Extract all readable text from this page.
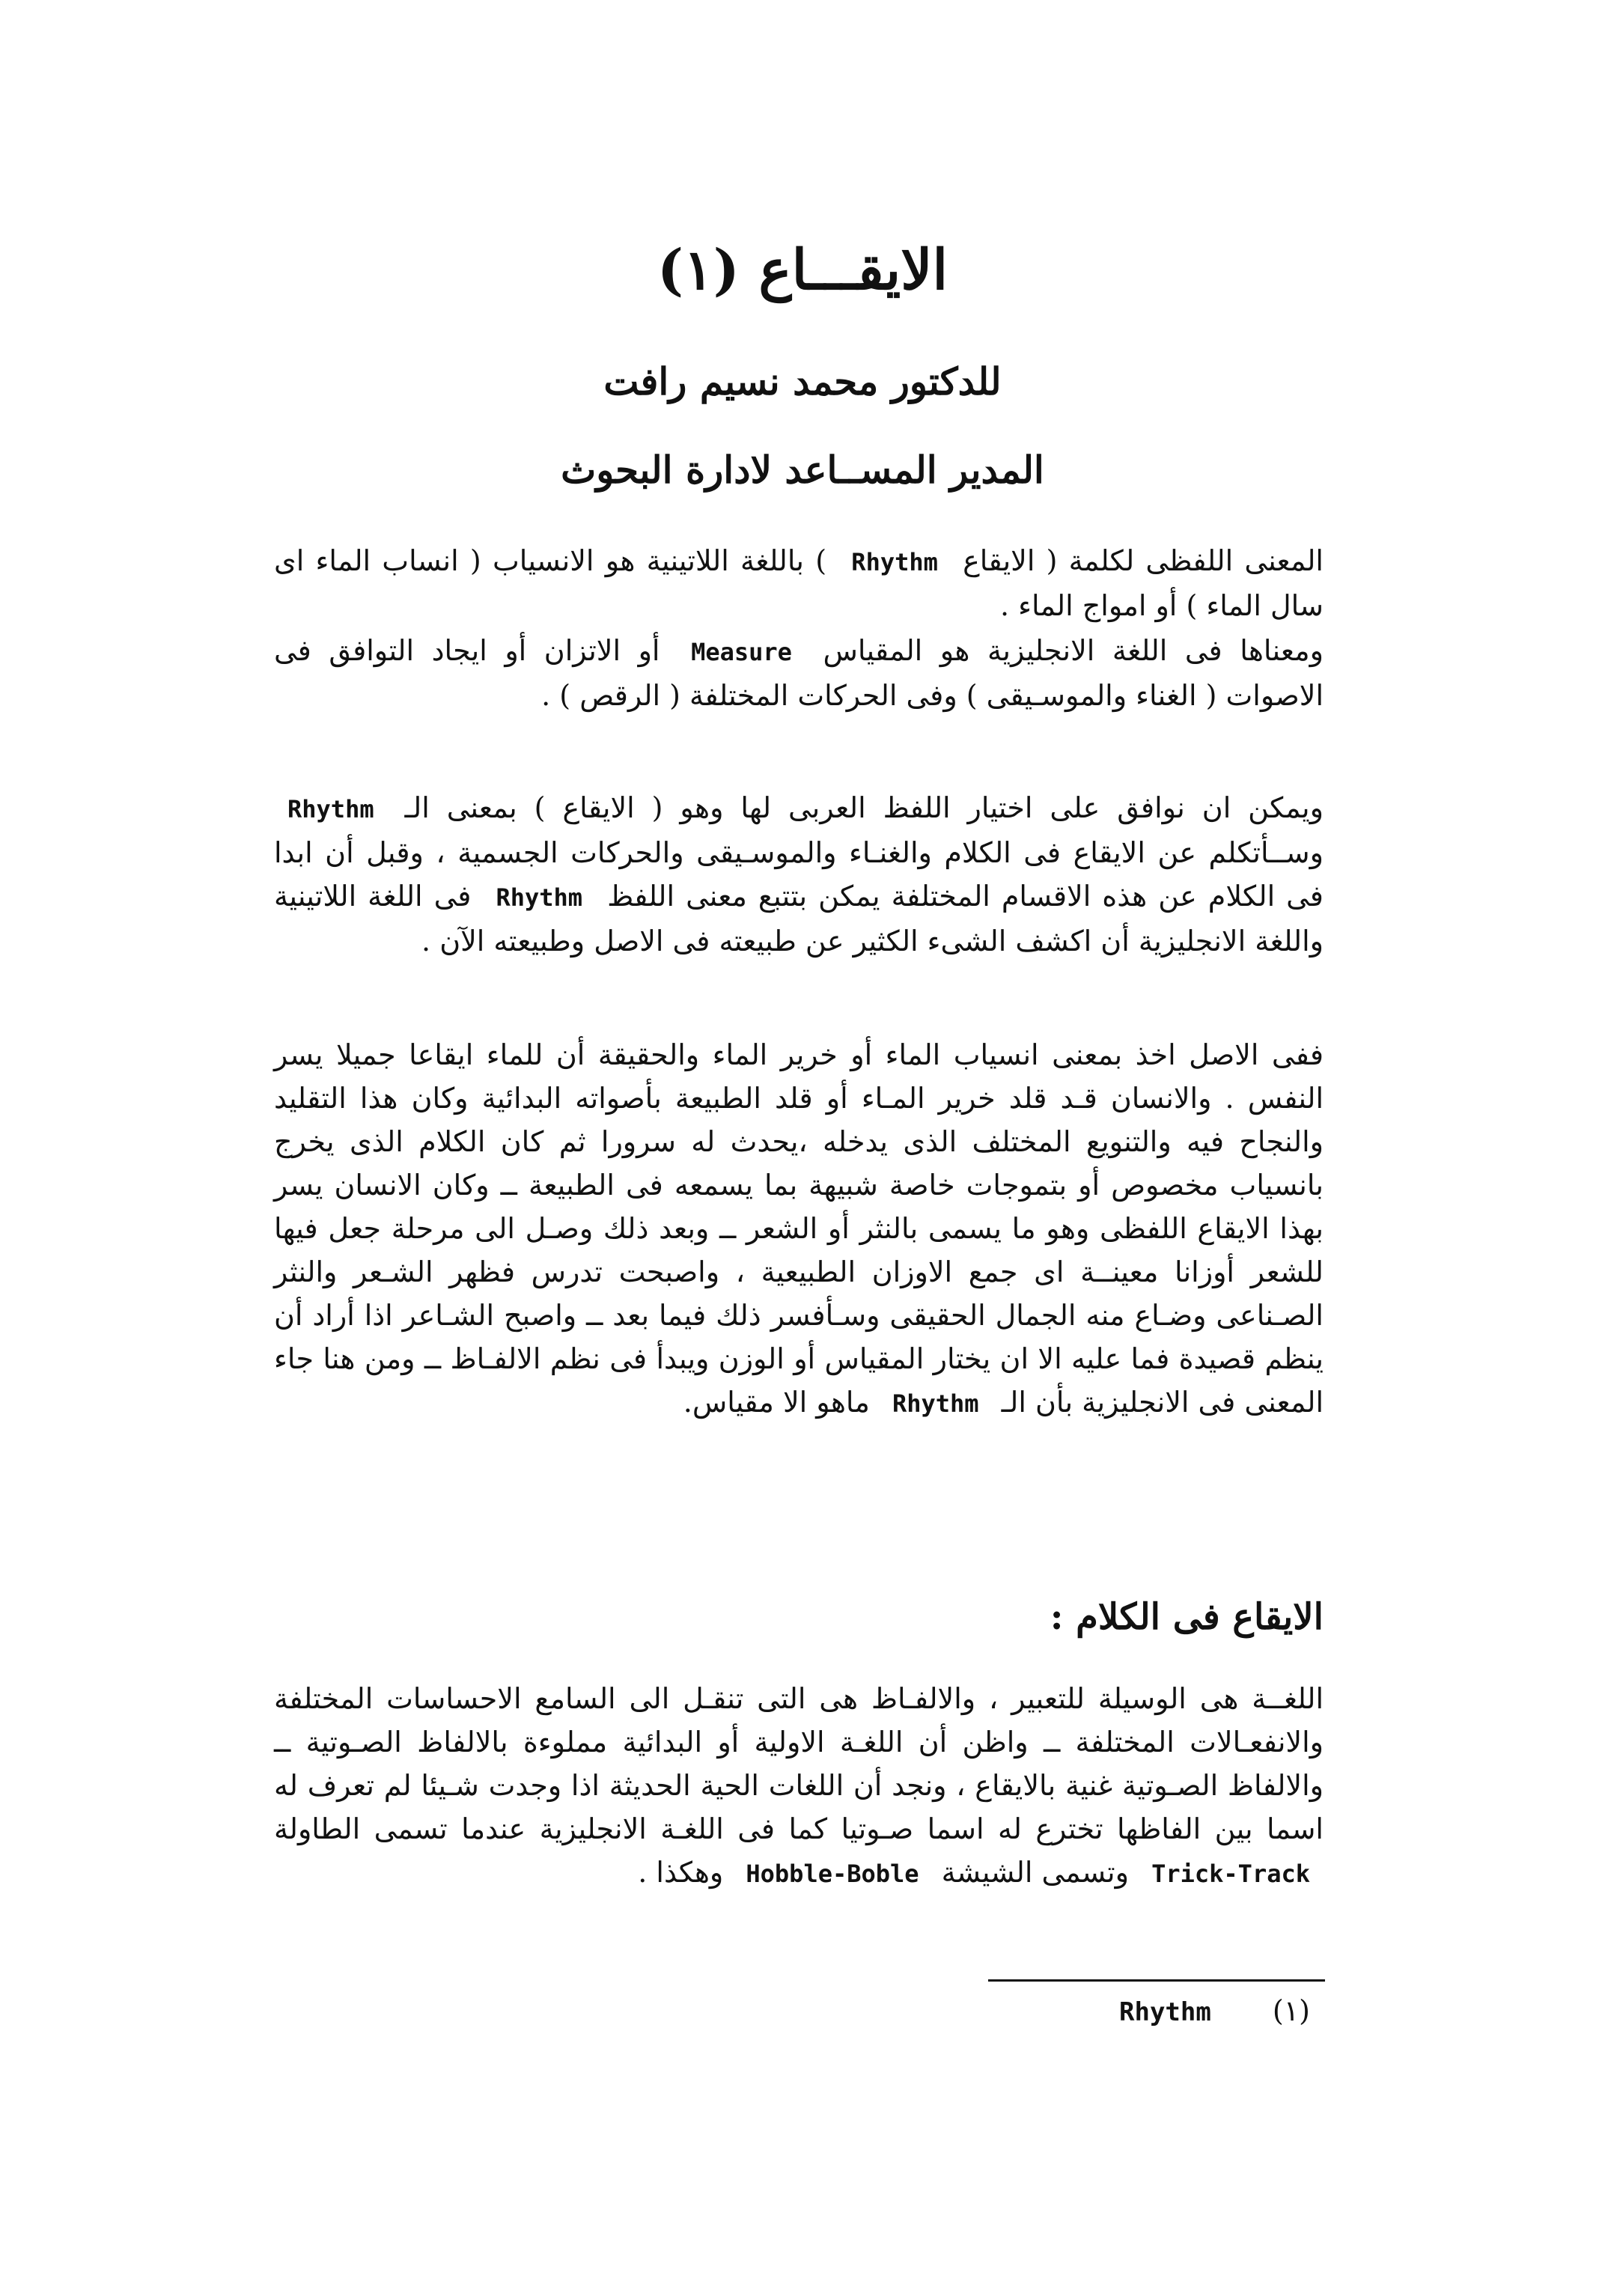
الايقـــاع (١)
للدكتور محمد نسيم رافت
المدير المســاعد لادارة البحوث

المعنى اللفظى لكلمة ( الايقاع Rhythm ) باللغة اللاتينية هو الانسياب ( انساب الماء اى سال الماء ) أو امواج الماء .

ومعناها فى اللغة الانجليزية هو المقياس Measure أو الاتزان أو ايجاد التوافق فى الاصوات ( الغناء والموسـيقى ) وفى الحركات المختلفة ( الرقص ) .

ويمكن ان نوافق على اختيار اللفظ العربى لها وهو ( الايقاع ) بمعنى الـ Rhythm وســأتكلم عن الايقاع فى الكلام والغنـاء والموسـيقى والحركات الجسمية ، وقبل أن ابدا فى الكلام عن هذه الاقسام المختلفة يمكن بتتبع معنى اللفظ Rhythm فى اللغة اللاتينية واللغة الانجليزية أن اكشف الشىء الكثير عن طبيعته فى الاصل وطبيعته الآن .

ففى الاصل اخذ بمعنى انسياب الماء أو خرير الماء والحقيقة أن للماء ايقاعا جميلا يسر النفس . والانسان قـد قلد خرير المـاء أو قلد الطبيعة بأصواته البدائية وكان هذا التقليد والنجاح فيه والتنويع المختلف الذى يدخله ،يحدث له سرورا ثم كان الكلام الذى يخرج بانسياب مخصوص أو بتموجات خاصة شبيهة بما يسمعه فى الطبيعة ــ وكان الانسان يسر بهذا الايقاع اللفظى وهو ما يسمى بالنثر أو الشعر ــ وبعد ذلك وصـل الى مرحلة جعل فيها للشعر أوزانا معينــة اى جمع الاوزان الطبيعية ، واصبحت تدرس فظهر الشـعر والنثر الصـناعى وضـاع منه الجمال الحقيقى وسـأفسر ذلك فيما بعد ــ واصبح الشـاعر اذا أراد أن ينظم قصيدة فما عليه الا ان يختار المقياس أو الوزن ويبدأ فى نظم الالفـاظ ــ ومن هنا جاء المعنى فى الانجليزية بأن الـ Rhythm ماهو الا مقياس.

الايقاع فى الكلام :

اللغــة هى الوسيلة للتعبير ، والالفـاظ هى التى تنقـل الى السامع الاحساسات المختلفة والانفعـالات المختلفة ــ واظن أن اللغـة الاولية أو البدائية مملوءة بالالفاظ الصـوتية ــ والالفاظ الصـوتية غنية بالايقاع ، ونجد أن اللغات الحية الحديثة اذا وجدت شـيئا لم تعرف له اسما بين الفاظها تخترع له اسما صـوتيا كما فى اللغـة الانجليزية عندما تسمى الطاولة Trick-Track وتسمى الشيشة Hobble-Boble وهكذا .

(١) Rhythm
